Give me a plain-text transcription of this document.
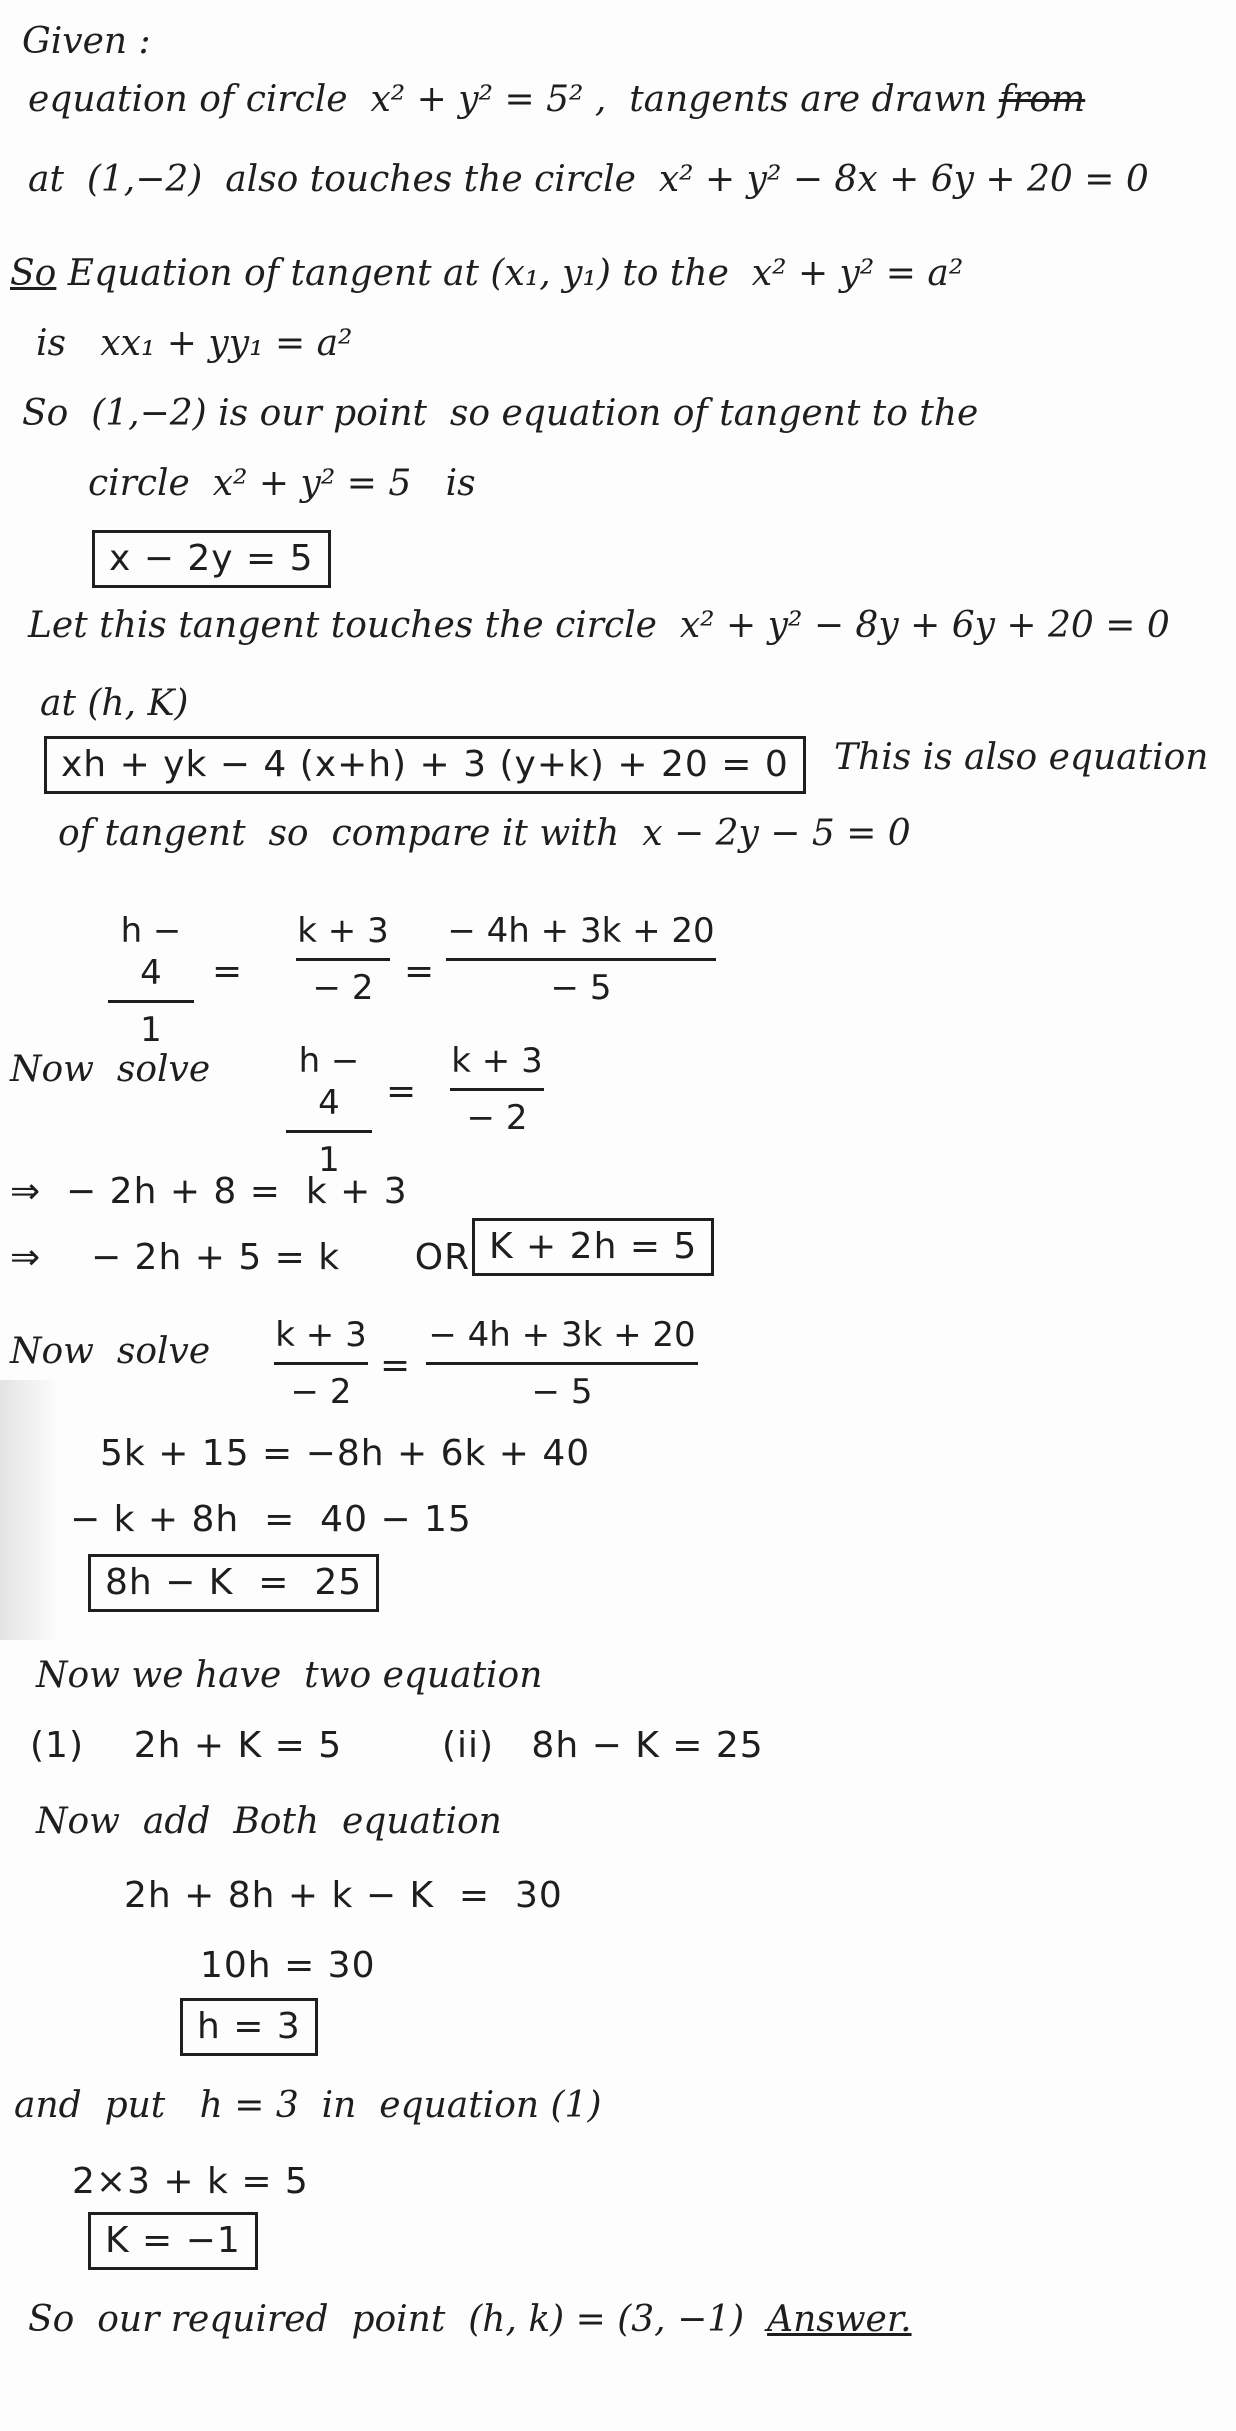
Given :
equation of circle  x² + y² = 5² ,  tangents are drawn from
at  (1,−2)  also touches the circle  x² + y² − 8x + 6y + 20 = 0
So Equation of tangent at (x₁, y₁) to the  x² + y² = a²
is   xx₁ + yy₁ = a²
So  (1,−2) is our point  so equation of tangent to the
circle  x² + y² = 5   is
x − 2y = 5
Let this tangent touches the circle  x² + y² − 8y + 6y + 20 = 0
at (h, K)
xh + yk − 4 (x+h) + 3 (y+k) + 20 = 0	This is also equation
of tangent  so  compare it with  x − 2y − 5 = 0
h − 4
1
=
k + 3
− 2 =
− 4h + 3k + 20
− 5
Now  solve	h − 4
1
=
k + 3
− 2
⇒  − 2h + 8 =  k + 3
⇒    − 2h + 5 = k      OR K + 2h = 5
Now  solve k + 3
− 2
=
− 4h + 3k + 20
− 5
5k + 15 = −8h + 6k + 40
− k + 8h  =  40 − 15
8h − K  =  25
Now we have  two equation
(1)    2h + K = 5	(ii)   8h − K = 25
Now  add  Both  equation
2h + 8h + k − K  =  30
10h = 30
h = 3
and  put   h = 3  in  equation (1)
2×3 + k = 5
K = −1
So  our required  point  (h, k) = (3, −1) Answer.
